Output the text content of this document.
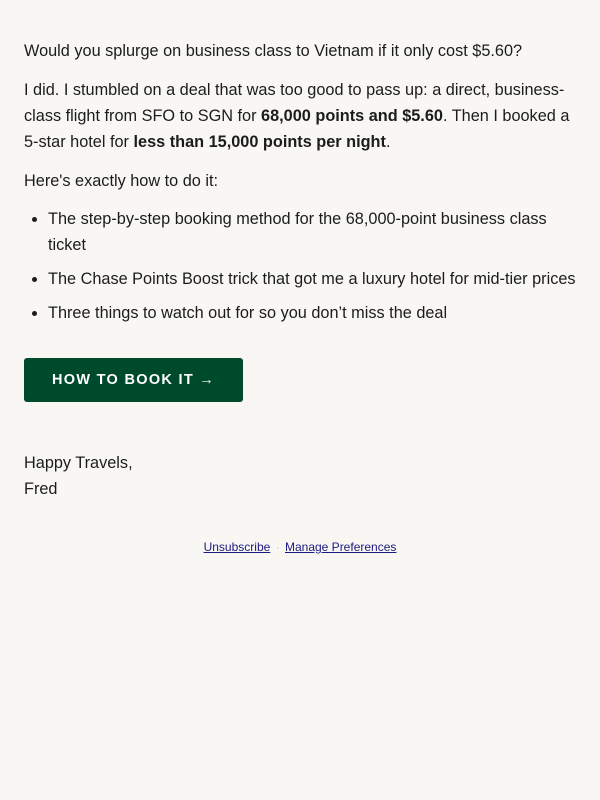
Would you splurge on business class to Vietnam if it only cost $5.60?

I did. I stumbled on a deal that was too good to pass up: a direct, business-class flight from SFO to SGN for 68,000 points and $5.60. Then I booked a 5-star hotel for less than 15,000 points per night.

Here's exactly how to do it:

• The step-by-step booking method for the 68,000-point business class ticket
• The Chase Points Boost trick that got me a luxury hotel for mid-tier prices
• Three things to watch out for so you don’t miss the deal
HOW TO BOOK IT →

Happy Travels,

Fred

Unsubscribe · Manage Preferences
